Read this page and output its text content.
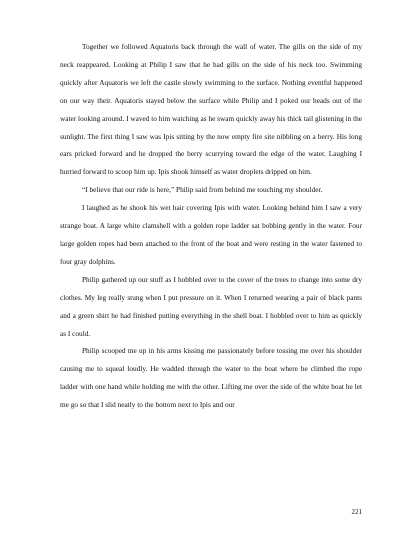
Together we followed Aquatoris back through the wall of water. The gills on the side of my neck reappeared. Looking at Philip I saw that he had gills on the side of his neck too. Swimming quickly after Aquatoris we left the castle slowly swimming to the surface. Nothing eventful happened on our way their. Aquatoris stayed below the surface while Philip and I poked our heads out of the water looking around. I waved to him watching as he swam quickly away his thick tail glistening in the sunlight. The first thing I saw was Ipis sitting by the now empty fire site nibbling on a berry. His long ears pricked forward and he dropped the berry scurrying toward the edge of the water. Laughing I hurried forward to scoop him up. Ipis shook himself as water droplets dripped on him.

“I believe that our ride is here,” Philip said from behind me touching my shoulder.

I laughed as he shook his wet hair covering Ipis with water. Looking behind him I saw a very strange boat. A large white clamshell with a golden rope ladder sat bobbing gently in the water. Four large golden ropes had been attached to the front of the boat and were resting in the water fastened to four gray dolphins.

Philip gathered up our stuff as I hobbled over to the cover of the trees to change into some dry clothes. My leg really stung when I put pressure on it. When I returned wearing a pair of black pants and a green shirt he had finished putting everything in the shell boat. I hobbled over to him as quickly as I could.

Philip scooped me up in his arms kissing me passionately before tossing me over his shoulder causing me to squeal loudly. He wadded through the water to the boat where he climbed the rope ladder with one hand while holding me with the other. Lifting me over the side of the white boat he let me go so that I slid neatly to the bottom next to Ipis and our

221
